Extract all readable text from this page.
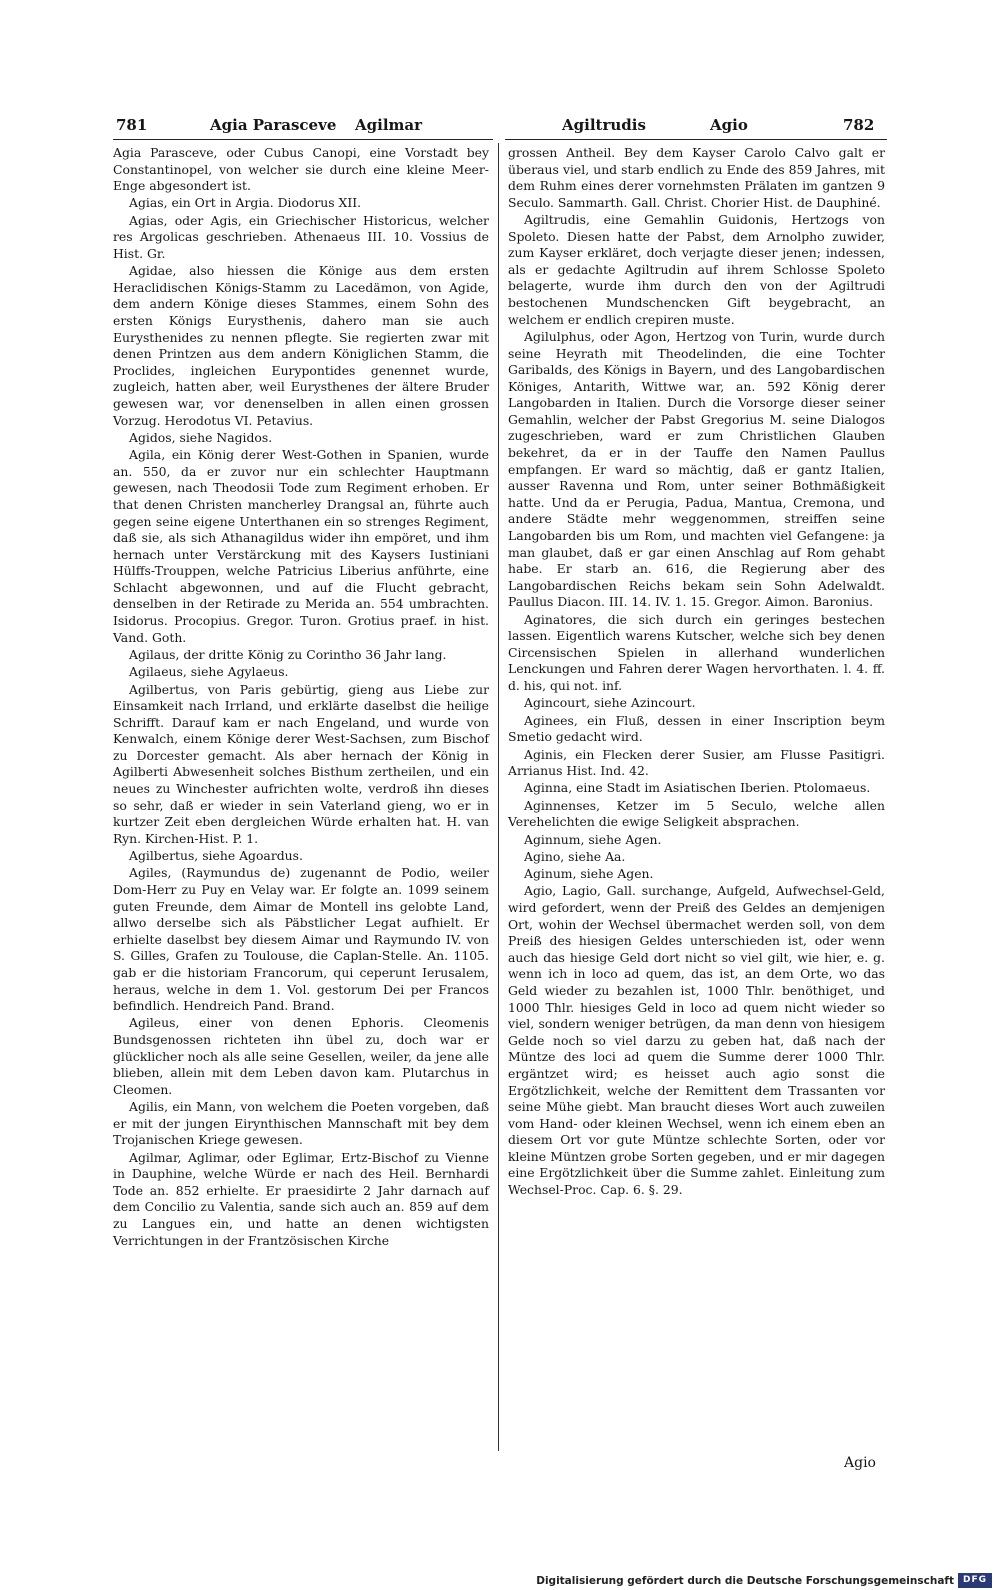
781	Agia Parasceve Agilmar	Agiltrudis	Agio	782

Agia Parasceve, oder Cubus Canopi, eine Vorstadt bey Constantinopel, von welcher sie durch eine kleine Meer-Enge abgesondert ist.

Agias, ein Ort in Argia. Diodorus XII.

Agias, oder Agis, ein Griechischer Historicus, welcher res Argolicas geschrieben. Athenaeus III. 10. Vossius de Hist. Gr.

Agidae, also hiessen die Könige aus dem ersten Heraclidischen Königs-Stamm zu Lacedämon, von Agide, dem andern Könige dieses Stammes, einem Sohn des ersten Königs Eurysthenis, dahero man sie auch Eurysthenides zu nennen pflegte. Sie regierten zwar mit denen Printzen aus dem andern Königlichen Stamm, die Proclides, ingleichen Eurypontides genennet wurde, zugleich, hatten aber, weil Eurysthenes der ältere Bruder gewesen war, vor denenselben in allen einen grossen Vorzug. Herodotus VI. Petavius.

Agidos, siehe Nagidos.

Agila, ein König derer West-Gothen in Spanien, wurde an. 550, da er zuvor nur ein schlechter Hauptmann gewesen, nach Theodosii Tode zum Regiment erhoben. Er that denen Christen mancherley Drangsal an, führte auch gegen seine eigene Unterthanen ein so strenges Regiment, daß sie, als sich Athanagildus wider ihn empöret, und ihm hernach unter Verstärckung mit des Kaysers Iustiniani Hülffs-Trouppen, welche Patricius Liberius anführte, eine Schlacht abgewonnen, und auf die Flucht gebracht, denselben in der Retirade zu Merida an. 554 umbrachten. Isidorus. Procopius. Gregor. Turon. Grotius praef. in hist. Vand. Goth.

Agilaus, der dritte König zu Corintho 36 Jahr lang.

Agilaeus, siehe Agylaeus.

Agilbertus, von Paris gebürtig, gieng aus Liebe zur Einsamkeit nach Irrland, und erklärte daselbst die heilige Schrifft. Darauf kam er nach Engeland, und wurde von Kenwalch, einem Könige derer West-Sachsen, zum Bischof zu Dorcester gemacht. Als aber hernach der König in Agilberti Abwesenheit solches Bisthum zertheilen, und ein neues zu Winchester aufrichten wolte, verdroß ihn dieses so sehr, daß er wieder in sein Vaterland gieng, wo er in kurtzer Zeit eben dergleichen Würde erhalten hat. H. van Ryn. Kirchen-Hist. P. 1.

Agilbertus, siehe Agoardus.

Agiles, (Raymundus de) zugenannt de Podio, weiler Dom-Herr zu Puy en Velay war. Er folgte an. 1099 seinem guten Freunde, dem Aimar de Montell ins gelobte Land, allwo derselbe sich als Päbstlicher Legat aufhielt. Er erhielte daselbst bey diesem Aimar und Raymundo IV. von S. Gilles, Grafen zu Toulouse, die Caplan-Stelle. An. 1105. gab er die historiam Francorum, qui ceperunt Ierusalem, heraus, welche in dem 1. Vol. gestorum Dei per Francos befindlich. Hendreich Pand. Brand.

Agileus, einer von denen Ephoris. Cleomenis Bundsgenossen richteten ihn übel zu, doch war er glücklicher noch als alle seine Gesellen, weiler, da jene alle blieben, allein mit dem Leben davon kam. Plutarchus in Cleomen.

Agilis, ein Mann, von welchem die Poeten vorgeben, daß er mit der jungen Eirynthischen Mannschaft mit bey dem Trojanischen Kriege gewesen.

Agilmar, Aglimar, oder Eglimar, Ertz-Bischof zu Vienne in Dauphine, welche Würde er nach des Heil. Bernhardi Tode an. 852 erhielte. Er praesidirte 2 Jahr darnach auf dem Concilio zu Valentia, sande sich auch an. 859 auf dem zu Langues ein, und hatte an denen wichtigsten Verrichtungen in der Frantzösischen Kirche

grossen Antheil. Bey dem Kayser Carolo Calvo galt er überaus viel, und starb endlich zu Ende des 859 Jahres, mit dem Ruhm eines derer vornehmsten Prälaten im gantzen 9 Seculo. Sammarth. Gall. Christ. Chorier Hist. de Dauphiné.

Agiltrudis, eine Gemahlin Guidonis, Hertzogs von Spoleto. Diesen hatte der Pabst, dem Arnolpho zuwider, zum Kayser erkläret, doch verjagte dieser jenen; indessen, als er gedachte Agiltrudin auf ihrem Schlosse Spoleto belagerte, wurde ihm durch den von der Agiltrudi bestochenen Mundschencken Gift beygebracht, an welchem er endlich crepiren muste.

Agilulphus, oder Agon, Hertzog von Turin, wurde durch seine Heyrath mit Theodelinden, die eine Tochter Garibalds, des Königs in Bayern, und des Langobardischen Königes, Antarith, Wittwe war, an. 592 König derer Langobarden in Italien. Durch die Vorsorge dieser seiner Gemahlin, welcher der Pabst Gregorius M. seine Dialogos zugeschrieben, ward er zum Christlichen Glauben bekehret, da er in der Tauffe den Namen Paullus empfangen. Er ward so mächtig, daß er gantz Italien, ausser Ravenna und Rom, unter seiner Bothmäßigkeit hatte. Und da er Perugia, Padua, Mantua, Cremona, und andere Städte mehr weggenommen, streiffen seine Langobarden bis um Rom, und machten viel Gefangene: ja man glaubet, daß er gar einen Anschlag auf Rom gehabt habe. Er starb an. 616, die Regierung aber des Langobardischen Reichs bekam sein Sohn Adelwaldt. Paullus Diacon. III. 14. IV. 1. 15. Gregor. Aimon. Baronius.

Aginatores, die sich durch ein geringes bestechen lassen. Eigentlich warens Kutscher, welche sich bey denen Circensischen Spielen in allerhand wunderlichen Lenckungen und Fahren derer Wagen hervorthaten. l. 4. ff. d. his, qui not. inf.

Agincourt, siehe Azincourt.

Aginees, ein Fluß, dessen in einer Inscription beym Smetio gedacht wird.

Aginis, ein Flecken derer Susier, am Flusse Pasitigri. Arrianus Hist. Ind. 42.

Aginna, eine Stadt im Asiatischen Iberien. Ptolomaeus.

Aginnenses, Ketzer im 5 Seculo, welche allen Verehelichten die ewige Seligkeit absprachen.

Aginnum, siehe Agen.

Agino, siehe Aa.

Aginum, siehe Agen.

Agio, Lagio, Gall. surchange, Aufgeld, Aufwechsel-Geld, wird gefordert, wenn der Preiß des Geldes an demjenigen Ort, wohin der Wechsel übermachet werden soll, von dem Preiß des hiesigen Geldes unterschieden ist, oder wenn auch das hiesige Geld dort nicht so viel gilt, wie hier, e. g. wenn ich in loco ad quem, das ist, an dem Orte, wo das Geld wieder zu bezahlen ist, 1000 Thlr. benöthiget, und 1000 Thlr. hiesiges Geld in loco ad quem nicht wieder so viel, sondern weniger betrügen, da man denn von hiesigem Gelde noch so viel darzu zu geben hat, daß nach der Müntze des loci ad quem die Summe derer 1000 Thlr. ergäntzet wird; es heisset auch agio sonst die Ergötzlichkeit, welche der Remittent dem Trassanten vor seine Mühe giebt. Man braucht dieses Wort auch zuweilen vom Hand- oder kleinen Wechsel, wenn ich einem eben an diesem Ort vor gute Müntze schlechte Sorten, oder vor kleine Müntzen grobe Sorten gegeben, und er mir dagegen eine Ergötzlichkeit über die Summe zahlet. Einleitung zum Wechsel-Proc. Cap. 6. §. 29.

Agio
Digitalisierung gefördert durch die Deutsche Forschungsgemeinschaft DFG
